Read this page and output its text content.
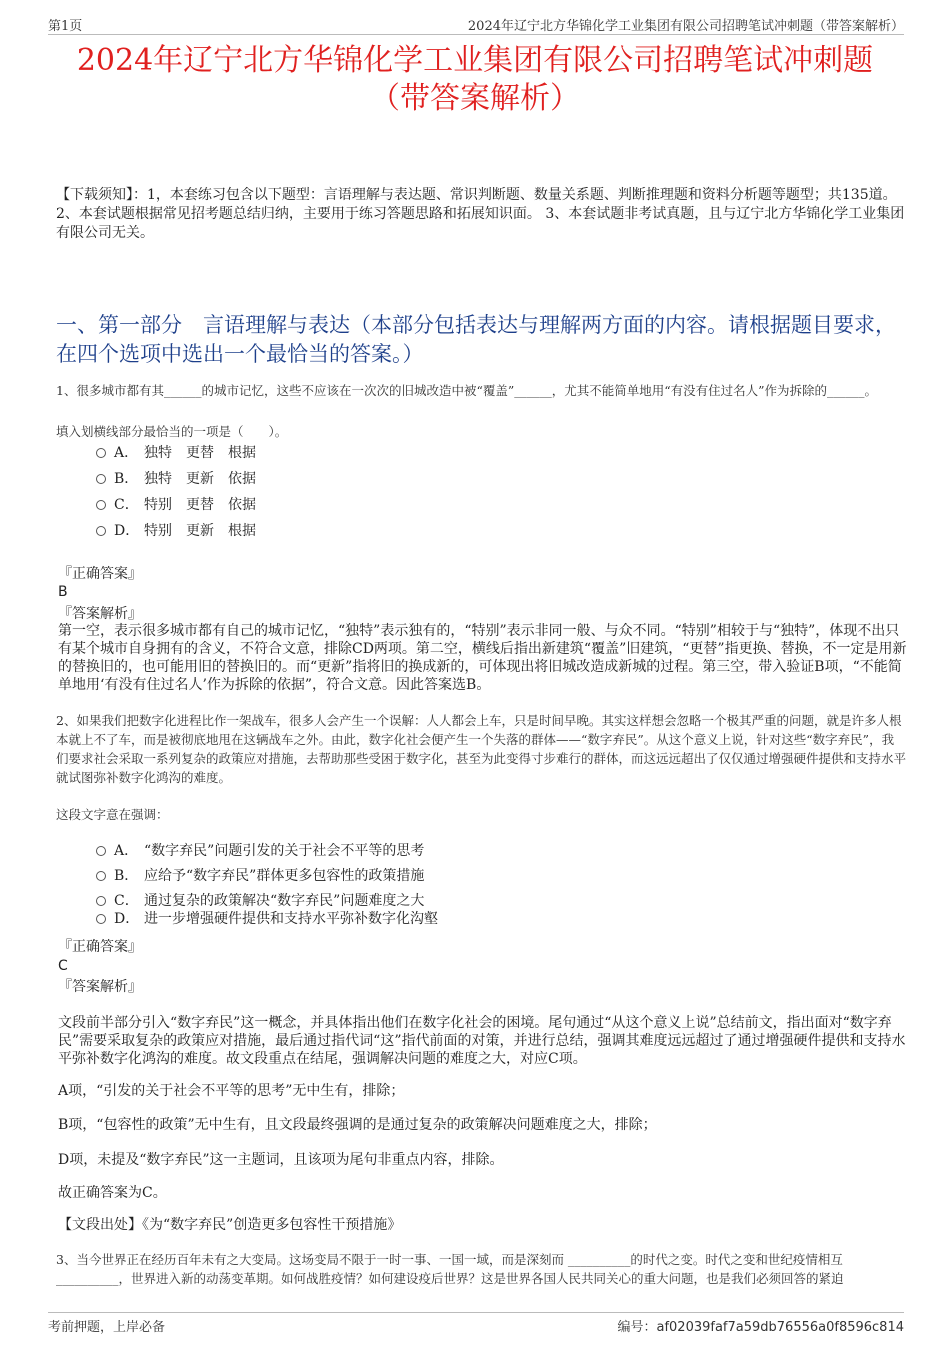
第1页	2024年辽宁北方华锦化学工业集团有限公司招聘笔试冲刺题（带答案解析）
2024年辽宁北方华锦化学工业集团有限公司招聘笔试冲刺题
（带答案解析）
【下载须知】：1，本套练习包含以下题型：言语理解与表达题、常识判断题、数量关系题、判断推理题和资料分析题等题型；共135道。 2、本套试题根据常见招考题总结归纳，主要用于练习答题思路和拓展知识面。 3、本套试题非考试真题，且与辽宁北方华锦化学工业集团有限公司无关。
一、第一部分　言语理解与表达（本部分包括表达与理解两方面的内容。请根据题目要求，在四个选项中选出一个最恰当的答案。）
1、很多城市都有其______的城市记忆，这些不应该在一次次的旧城改造中被“覆盖”______，尤其不能简单地用“有没有住过名人”作为拆除的______。
填入划横线部分最恰当的一项是（　　）。
A． 独特　更替　根据
B． 独特　更新　依据
C． 特别　更替　依据
D． 特别　更新　根据
『正确答案』
B
『答案解析』
第一空，表示很多城市都有自己的城市记忆，“独特”表示独有的，“特别”表示非同一般、与众不同。“特别”相较于与“独特”，体现不出只有某个城市自身拥有的含义，不符合文意，排除CD两项。第二空，横线后指出新建筑“覆盖”旧建筑，“更替”指更换、替换，不一定是用新的替换旧的，也可能用旧的替换旧的。而“更新”指将旧的换成新的，可体现出将旧城改造成新城的过程。第三空，带入验证B项，“不能简单地用‘有没有住过名人’作为拆除的依据”，符合文意。因此答案选B。
2、如果我们把数字化进程比作一架战车，很多人会产生一个误解：人人都会上车，只是时间早晚。其实这样想会忽略一个极其严重的问题，就是许多人根本就上不了车，而是被彻底地甩在这辆战车之外。由此，数字化社会便产生一个失落的群体——“数字弃民”。从这个意义上说，针对这些“数字弃民”，我们要求社会采取一系列复杂的政策应对措施，去帮助那些受困于数字化，甚至为此变得寸步难行的群体，而这远远超出了仅仅通过增强硬件提供和支持水平就试图弥补数字化鸿沟的难度。
这段文字意在强调：
A． “数字弃民”问题引发的关于社会不平等的思考
B． 应给予“数字弃民”群体更多包容性的政策措施
C． 通过复杂的政策解决“数字弃民”问题难度之大
D． 进一步增强硬件提供和支持水平弥补数字化沟壑
『正确答案』
C
『答案解析』
文段前半部分引入“数字弃民”这一概念，并具体指出他们在数字化社会的困境。尾句通过“从这个意义上说”总结前文，指出面对“数字弃民”需要采取复杂的政策应对措施，最后通过指代词“这”指代前面的对策，并进行总结，强调其难度远远超过了通过增强硬件提供和支持水平弥补数字化鸿沟的难度。故文段重点在结尾，强调解决问题的难度之大，对应C项。
A项，“引发的关于社会不平等的思考”无中生有，排除；
B项，“包容性的政策”无中生有，且文段最终强调的是通过复杂的政策解决问题难度之大，排除；
D项，未提及“数字弃民”这一主题词，且该项为尾句非重点内容，排除。
故正确答案为C。
【文段出处】《为“数字弃民”创造更多包容性干预措施》
3、当今世界正在经历百年未有之大变局。这场变局不限于一时一事、一国一域，而是深刻而 __________的时代之变。时代之变和世纪疫情相互__________，世界进入新的动荡变革期。如何战胜疫情？如何建设疫后世界？这是世界各国人民共同关心的重大问题，也是我们必须回答的紧迫
考前押题，上岸必备	编号：af02039faf7a59db76556a0f8596c814
